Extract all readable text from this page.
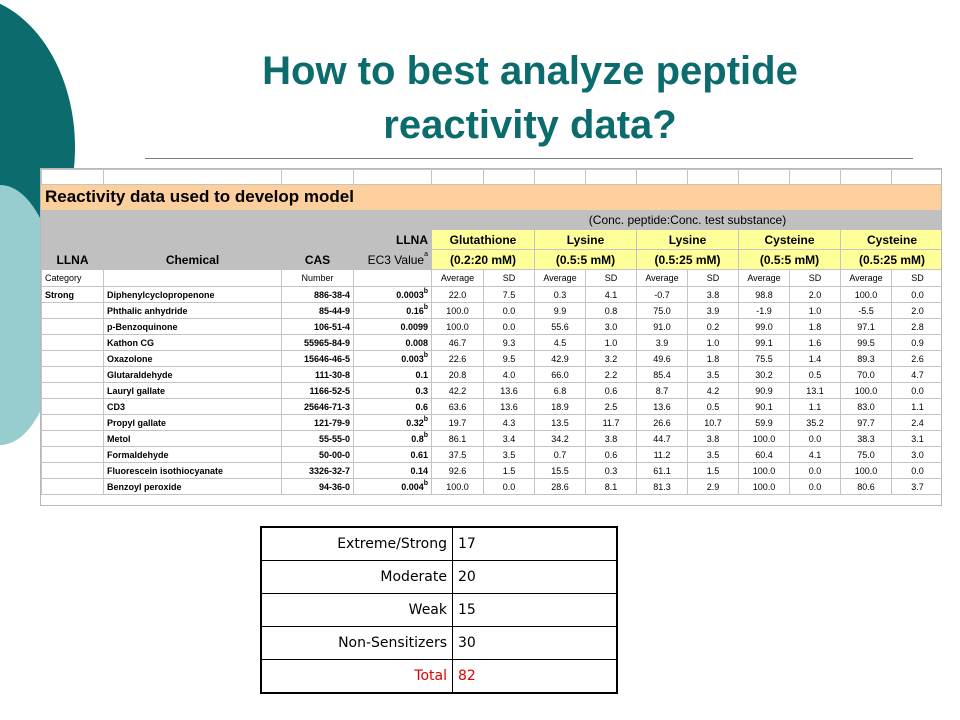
How to best analyze peptide
reactivity data?

Reactivity data used to develop model													
				(Conc. peptide:Conc. test substance)									
			LLNA	Glutathione		Lysine		Lysine		Cysteine		Cysteine	
LLNA	Chemical	CAS	EC3 Value$^a$	(0.2:20 mM)		(0.5:5 mM)		(0.5:25 mM)		(0.5:5 mM)		(0.5:25 mM)	
Category		Number		Average	SD	Average	SD	Average	SD	Average	SD	Average	SD
Strong	Diphenylcyclopropenone	886-38-4	0.0003$^b$	22.0	7.5	0.3	4.1	-0.7	3.8	98.8	2.0	100.0	0.0
	Phthalic anhydride	85-44-9	0.16$^b$	100.0	0.0	9.9	0.8	75.0	3.9	-1.9	1.0	-5.5	2.0
	p-Benzoquinone	106-51-4	0.0099	100.0	0.0	55.6	3.0	91.0	0.2	99.0	1.8	97.1	2.8
	Kathon CG	55965-84-9	0.008	46.7	9.3	4.5	1.0	3.9	1.0	99.1	1.6	99.5	0.9
	Oxazolone	15646-46-5	0.003$^b$	22.6	9.5	42.9	3.2	49.6	1.8	75.5	1.4	89.3	2.6
	Glutaraldehyde	111-30-8	0.1	20.8	4.0	66.0	2.2	85.4	3.5	30.2	0.5	70.0	4.7
	Lauryl gallate	1166-52-5	0.3	42.2	13.6	6.8	0.6	8.7	4.2	90.9	13.1	100.0	0.0
	CD3	25646-71-3	0.6	63.6	13.6	18.9	2.5	13.6	0.5	90.1	1.1	83.0	1.1
	Propyl gallate	121-79-9	0.32$^b$	19.7	4.3	13.5	11.7	26.6	10.7	59.9	35.2	97.7	2.4
	Metol	55-55-0	0.8$^b$	86.1	3.4	34.2	3.8	44.7	3.8	100.0	0.0	38.3	3.1
	Formaldehyde	50-00-0	0.61	37.5	3.5	0.7	0.6	11.2	3.5	60.4	4.1	75.0	3.0
	Fluorescein isothiocyanate	3326-32-7	0.14	92.6	1.5	15.5	0.3	61.1	1.5	100.0	0.0	100.0	0.0
	Benzoyl peroxide	94-36-0	0.004$^b$	100.0	0.0	28.6	8.1	81.3	2.9	100.0	0.0	80.6	3.7
Extreme/Strong	17
Moderate	20
Weak	15
Non-Sensitizers	30
Total	82
